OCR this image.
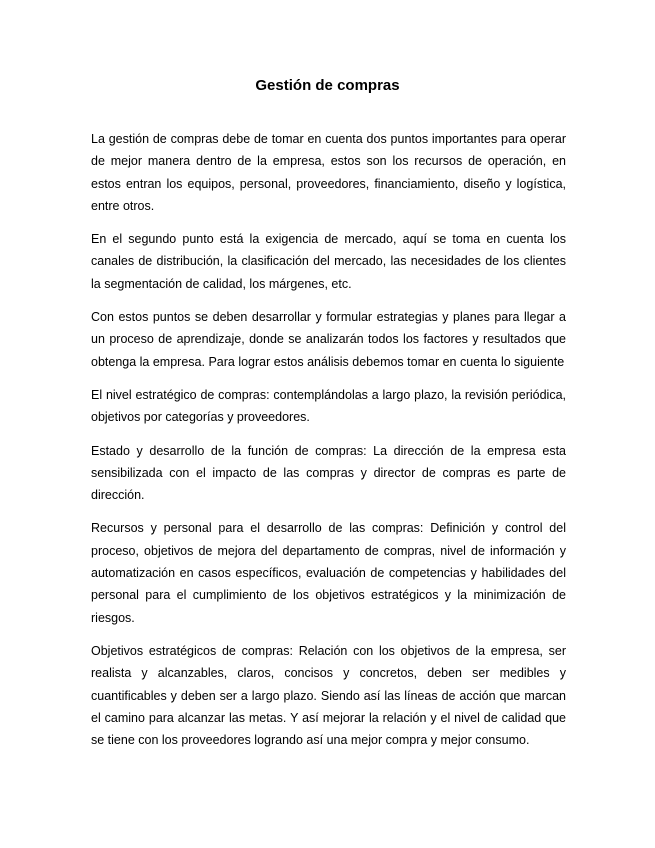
Gestión de compras

La gestión de compras debe de tomar en cuenta dos puntos importantes para operar de mejor manera dentro de la empresa, estos son los recursos de operación, en estos entran los equipos, personal, proveedores, financiamiento, diseño y logística, entre otros.

En el segundo punto está la exigencia de mercado, aquí se toma en cuenta los canales de distribución, la clasificación del mercado, las necesidades de los clientes la segmentación de calidad, los márgenes, etc.

Con estos puntos se deben desarrollar y formular estrategias y planes para llegar a un proceso de aprendizaje, donde se analizarán todos los factores y resultados que obtenga la empresa. Para lograr estos análisis debemos tomar en cuenta lo siguiente

El nivel estratégico de compras: contemplándolas a largo plazo, la revisión periódica, objetivos por categorías y proveedores.

Estado y desarrollo de la función de compras: La dirección de la empresa esta sensibilizada con el impacto de las compras y director de compras es parte de dirección.

Recursos y personal para el desarrollo de las compras: Definición y control del proceso, objetivos de mejora del departamento de compras, nivel de información y automatización en casos específicos, evaluación de competencias y habilidades del personal para el cumplimiento de los objetivos estratégicos y la minimización de riesgos.

Objetivos estratégicos de compras: Relación con los objetivos de la empresa, ser realista y alcanzables, claros, concisos y concretos, deben ser medibles y cuantificables y deben ser a largo plazo. Siendo así las líneas de acción que marcan el camino para alcanzar las metas. Y así mejorar la relación y el nivel de calidad que se tiene con los proveedores logrando así una mejor compra y mejor consumo.
